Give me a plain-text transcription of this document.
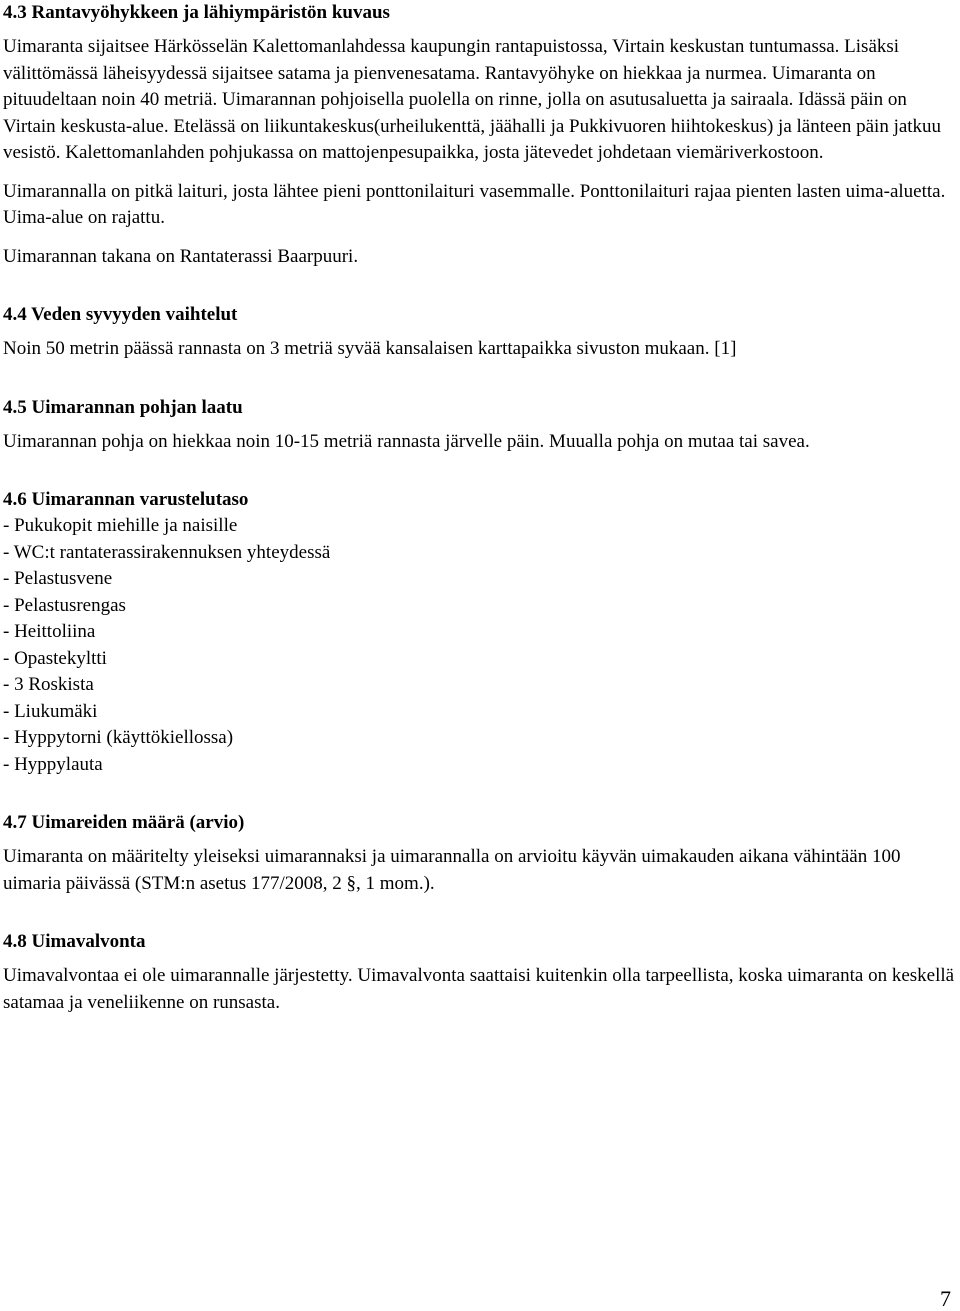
4.3 Rantavyöhykkeen ja lähiympäristön kuvaus

Uimaranta sijaitsee Härkösselän Kalettomanlahdessa kaupungin rantapuistossa, Virtain keskustan tuntumassa. Lisäksi välittömässä läheisyydessä sijaitsee satama ja pienvenesatama. Rantavyöhyke on hiekkaa ja nurmea. Uimaranta on pituudeltaan noin 40 metriä. Uimarannan pohjoisella puolella on rinne, jolla on asutusaluetta ja sairaala. Idässä päin on Virtain keskusta-alue. Etelässä on liikuntakeskus(urheilukenttä, jäähalli ja Pukkivuoren hiihtokeskus) ja länteen päin jatkuu vesistö. Kalettomanlahden pohjukassa on mattojenpesupaikka, josta jätevedet johdetaan viemäriverkostoon.

Uimarannalla on pitkä laituri, josta lähtee pieni ponttonilaituri vasemmalle. Ponttonilaituri rajaa pienten lasten uima-aluetta. Uima-alue on rajattu.

Uimarannan takana on Rantaterassi Baarpuuri.

4.4 Veden syvyyden vaihtelut

Noin 50 metrin päässä rannasta on 3 metriä syvää kansalaisen karttapaikka sivuston mukaan. [1]

4.5 Uimarannan pohjan laatu

Uimarannan pohja on hiekkaa noin 10-15 metriä rannasta järvelle päin. Muualla pohja on mutaa tai savea.

4.6 Uimarannan varustelutaso
- Pukukopit miehille ja naisille
- WC:t rantaterassirakennuksen yhteydessä
- Pelastusvene
- Pelastusrengas
- Heittoliina
- Opastekyltti
- 3 Roskista
- Liukumäki
- Hyppytorni (käyttökiellossa)
- Hyppylauta
4.7 Uimareiden määrä (arvio)

Uimaranta on määritelty yleiseksi uimarannaksi ja uimarannalla on arvioitu käyvän uimakauden aikana vähintään 100 uimaria päivässä (STM:n asetus 177/2008, 2 §, 1 mom.).

4.8 Uimavalvonta

Uimavalvontaa ei ole uimarannalle järjestetty. Uimavalvonta saattaisi kuitenkin olla tarpeellista, koska uimaranta on keskellä satamaa ja veneliikenne on runsasta.

7
